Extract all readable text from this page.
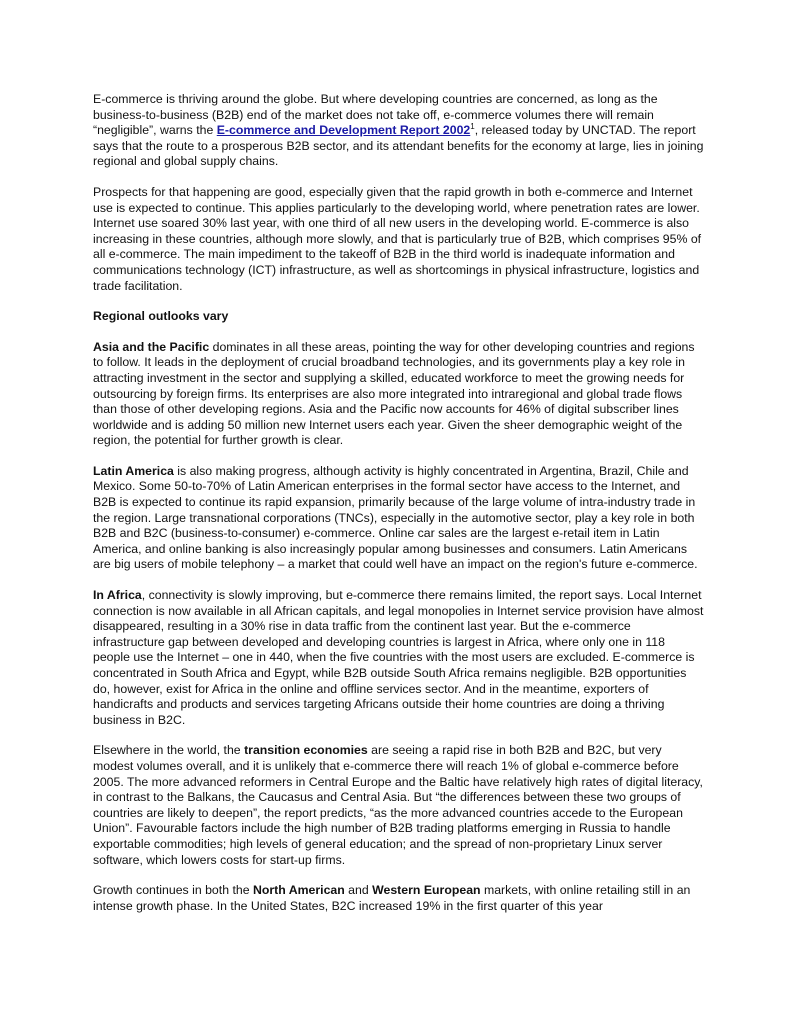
E-commerce is thriving around the globe. But where developing countries are concerned, as long as the business-to-business (B2B) end of the market does not take off, e-commerce volumes there will remain “negligible”, warns the E-commerce and Development Report 2002$^1$, released today by UNCTAD. The report says that the route to a prosperous B2B sector, and its attendant benefits for the economy at large, lies in joining regional and global supply chains.

Prospects for that happening are good, especially given that the rapid growth in both e-commerce and Internet use is expected to continue. This applies particularly to the developing world, where penetration rates are lower. Internet use soared 30% last year, with one third of all new users in the developing world. E-commerce is also increasing in these countries, although more slowly, and that is particularly true of B2B, which comprises 95% of all e-commerce. The main impediment to the takeoff of B2B in the third world is inadequate information and communications technology (ICT) infrastructure, as well as shortcomings in physical infrastructure, logistics and trade facilitation.

Regional outlooks vary

Asia and the Pacific dominates in all these areas, pointing the way for other developing countries and regions to follow. It leads in the deployment of crucial broadband technologies, and its governments play a key role in attracting investment in the sector and supplying a skilled, educated workforce to meet the growing needs for outsourcing by foreign firms. Its enterprises are also more integrated into intraregional and global trade flows than those of other developing regions. Asia and the Pacific now accounts for 46% of digital subscriber lines worldwide and is adding 50 million new Internet users each year. Given the sheer demographic weight of the region, the potential for further growth is clear.

Latin America is also making progress, although activity is highly concentrated in Argentina, Brazil, Chile and Mexico. Some 50-to-70% of Latin American enterprises in the formal sector have access to the Internet, and B2B is expected to continue its rapid expansion, primarily because of the large volume of intra-industry trade in the region. Large transnational corporations (TNCs), especially in the automotive sector, play a key role in both B2B and B2C (business-to-consumer) e-commerce. Online car sales are the largest e-retail item in Latin America, and online banking is also increasingly popular among businesses and consumers. Latin Americans are big users of mobile telephony – a market that could well have an impact on the region's future e-commerce.

In Africa, connectivity is slowly improving, but e-commerce there remains limited, the report says. Local Internet connection is now available in all African capitals, and legal monopolies in Internet service provision have almost disappeared, resulting in a 30% rise in data traffic from the continent last year. But the e-commerce infrastructure gap between developed and developing countries is largest in Africa, where only one in 118 people use the Internet – one in 440, when the five countries with the most users are excluded. E-commerce is concentrated in South Africa and Egypt, while B2B outside South Africa remains negligible. B2B opportunities do, however, exist for Africa in the online and offline services sector. And in the meantime, exporters of handicrafts and products and services targeting Africans outside their home countries are doing a thriving business in B2C.

Elsewhere in the world, the transition economies are seeing a rapid rise in both B2B and B2C, but very modest volumes overall, and it is unlikely that e-commerce there will reach 1% of global e-commerce before 2005. The more advanced reformers in Central Europe and the Baltic have relatively high rates of digital literacy, in contrast to the Balkans, the Caucasus and Central Asia. But “the differences between these two groups of countries are likely to deepen”, the report predicts, “as the more advanced countries accede to the European Union”. Favourable factors include the high number of B2B trading platforms emerging in Russia to handle exportable commodities; high levels of general education; and the spread of non-proprietary Linux server software, which lowers costs for start-up firms.

Growth continues in both the North American and Western European markets, with online retailing still in an intense growth phase. In the United States, B2C increased 19% in the first quarter of this year
